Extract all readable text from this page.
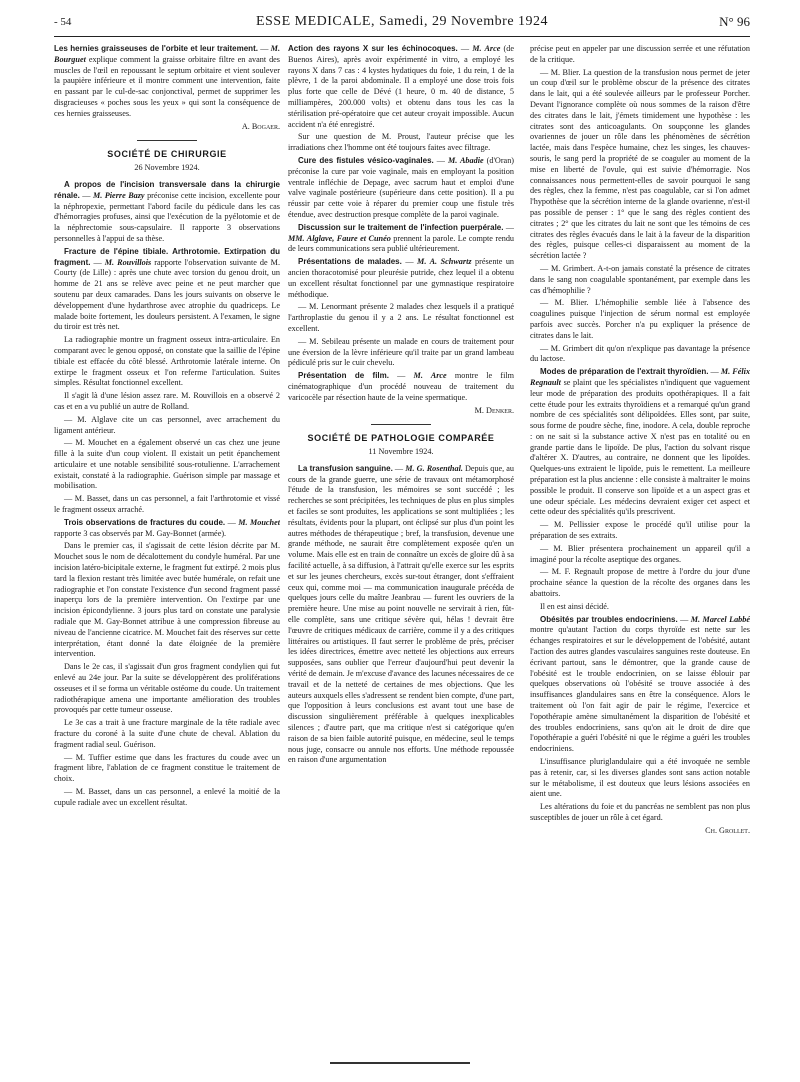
- 54	ESSE MEDICALE, Samedi, 29 Novembre 1924	N° 96

Les hernies graisseuses de l'orbite et leur traitement. — M. Bourguet explique comment la graisse orbitaire filtre en avant des muscles de l'œil en repoussant le septum orbitaire et vient soulever la paupière inférieure et il montre comment une intervention, faite en passant par le cul-de-sac conjonctival, permet de supprimer les disgracieuses « poches sous les yeux » qui sont la conséquence de ces hernies graisseuses.

A. Bogaer.

SOCIÉTÉ DE CHIRURGIE

26 Novembre 1924.

A propos de l'incision transversale dans la chirurgie rénale. — M. Pierre Bazy préconise cette incision, excellente pour la néphropexie, permettant l'abord facile du pédicule dans les cas d'hémorragies profuses, ainsi que l'exécution de la pyélotomie et de la néphrectomie sous-capsulaire. Il rapporte 3 observations personnelles à l'appui de sa thèse.

Fracture de l'épine tibiale. Arthrotomie. Extirpation du fragment. — M. Rouvillois rapporte l'observation suivante de M. Courty (de Lille) : après une chute avec torsion du genou droit, un homme de 21 ans se relève avec peine et ne peut marcher que soutenu par deux camarades. Dans les jours suivants on observe le développement d'une hydarthrose avec atrophie du quadriceps. Le malade boite fortement, les douleurs persistent. A l'examen, le signe du tiroir est très net.

La radiographie montre un fragment osseux intra-articulaire. En comparant avec le genou opposé, on constate que la saillie de l'épine tibiale est effacée du côté blessé. Arthrotomie latérale interne. On extirpe le fragment osseux et l'on referme l'articulation. Suites simples. Résultat fonctionnel excellent.

Il s'agit là d'une lésion assez rare. M. Rouvillois en a observé 2 cas et en a vu publié un autre de Rolland.

— M. Alglave cite un cas personnel, avec arrachement du ligament antérieur.

— M. Mouchet en a également observé un cas chez une jeune fille à la suite d'un coup violent. Il existait un petit épanchement articulaire et une notable sensibilité sous-rotulienne. L'arrachement existait, constaté à la radiographie. Guérison simple par massage et mobilisation.

— M. Basset, dans un cas personnel, a fait l'arthrotomie et vissé le fragment osseux arraché.

Trois observations de fractures du coude. — M. Mouchet rapporte 3 cas observés par M. Gay-Bonnet (armée).

Dans le premier cas, il s'agissait de cette lésion décrite par M. Mouchet sous le nom de décalottement du condyle huméral. Par une incision latéro-bicipitale externe, le fragment fut extirpé. 2 mois plus tard la flexion restant très limitée avec butée humérale, on refait une radiographie et l'on constate l'existence d'un second fragment passé inaperçu lors de la première intervention. On l'extirpe par une incision épicondylienne. 3 jours plus tard on constate une paralysie radiale que M. Gay-Bonnet attribue à une compression fibreuse au niveau de l'ancienne cicatrice. M. Mouchet fait des réserves sur cette interprétation, étant donné la date éloignée de la première intervention.

Dans le 2e cas, il s'agissait d'un gros fragment condylien qui fut enlevé au 24e jour. Par la suite se développèrent des proliférations osseuses et il se forma un véritable ostéome du coude. Un traitement radiothérapique amena une importante amélioration des troubles provoqués par cette tumeur osseuse.

Le 3e cas a trait à une fracture marginale de la tête radiale avec fracture du coroné à la suite d'une chute de cheval. Ablation du fragment radial seul. Guérison.

— M. Tuffier estime que dans les fractures du coude avec un fragment libre, l'ablation de ce fragment constitue le traitement de choix.

— M. Basset, dans un cas personnel, a enlevé la moitié de la cupule radiale avec un excellent résultat.

Action des rayons X sur les échinocoques. — M. Arce (de Buenos Aires), après avoir expérimenté in vitro, a employé les rayons X dans 7 cas : 4 kystes hydatiques du foie, 1 du rein, 1 de la plèvre, 1 de la paroi abdominale. Il a employé une dose trois fois plus forte que celle de Dévé (1 heure, 0 m. 40 de distance, 5 milliampères, 200.000 volts) et obtenu dans tous les cas la stérilisation pré-opératoire que cet auteur croyait impossible. Aucun accident n'a été enregistré.

Sur une question de M. Proust, l'auteur précise que les irradiations chez l'homme ont été toujours faites avec filtrage.

Cure des fistules vésico-vaginales. — M. Abadie (d'Oran) préconise la cure par voie vaginale, mais en employant la position ventrale infléchie de Depage, avec sacrum haut et emploi d'une valve vaginale postérieure (supérieure dans cette position). Il a pu réussir par cette voie à réparer du premier coup une fistule très étendue, avec destruction presque complète de la paroi vaginale.

Discussion sur le traitement de l'infection puerpérale. — MM. Alglave, Faure et Cunéo prennent la parole. Le compte rendu de leurs communications sera publié ultérieurement.

Présentations de malades. — M. A. Schwartz présente un ancien thoracotomisé pour pleurésie putride, chez lequel il a obtenu un excellent résultat fonctionnel par une gymnastique respiratoire méthodique.

— M. Lenormant présente 2 malades chez lesquels il a pratiqué l'arthroplastie du genou il y a 2 ans. Le résultat fonctionnel est excellent.

— M. Sebileau présente un malade en cours de traitement pour une éversion de la lèvre inférieure qu'il traite par un grand lambeau pédiculé pris sur le cuir chevelu.

Présentation de film. — M. Arce montre le film cinématographique d'un procédé nouveau de traitement du varicocèle par résection haute de la veine spermatique.

M. Denker.

SOCIÉTÉ DE PATHOLOGIE COMPARÉE

11 Novembre 1924.

La transfusion sanguine. — M. G. Rosenthal. Depuis que, au cours de la grande guerre, une série de travaux ont métamorphosé l'étude de la transfusion, les mémoires se sont succédé ; les recherches se sont précipitées, les techniques de plus en plus simples et faciles se sont produites, les applications se sont multipliées ; les résultats, évidents pour la plupart, ont éclipsé sur plus d'un point les autres méthodes de thérapeutique ; bref, la transfusion, devenue une grande méthode, ne saurait être complètement exposée qu'en un volume. Mais elle est en train de connaître un excès de gloire dû à sa facilité actuelle, à sa diffusion, à l'attrait qu'elle exerce sur les esprits et sur les jeunes chercheurs, excès sur-tout étranger, dont s'effraient ceux qui, comme moi — ma communication inaugurale précéda de quelques jours celle du maître Jeanbrau — furent les ouvriers de la première heure. Une mise au point nouvelle ne servirait à rien, fût-elle complète, sans une critique sévère qui, hélas ! devrait être l'œuvre de critiques médicaux de carrière, comme il y a des critiques littéraires ou artistiques. Il faut serrer le problème de près, préciser les idées directrices, émettre avec netteté les objections aux erreurs supposées, sans oublier que l'erreur d'aujourd'hui peut devenir la vérité de demain. Je m'excuse d'avance des lacunes nécessaires de ce travail et de la netteté de certaines de mes objections. Que les auteurs auxquels elles s'adressent se rendent bien compte, d'une part, que l'opposition à leurs conclusions est avant tout une base de discussion singulièrement préférable à quelques inexplicables silences ; d'autre part, que ma critique n'est si catégorique qu'en raison de sa bien faible autorité puisque, en médecine, seul le temps nous juge, consacre ou annule nos efforts. Une méthode repoussée en raison d'une argumentation

précise peut en appeler par une discussion serrée et une réfutation de la critique.

— M. Blier. La question de la transfusion nous permet de jeter un coup d'œil sur le problème obscur de la présence des citrates dans le lait, qui a été soulevée ailleurs par le professeur Porcher. Devant l'ignorance complète où nous sommes de la raison d'être des citrates dans le lait, j'émets timidement une hypothèse : les citrates sont des anticoagulants. On soupçonne les glandes ovariennes de jouer un rôle dans les phénomènes de sécrétion lactée, mais dans l'espèce humaine, chez les singes, les chauves-souris, le sang perd la propriété de se coaguler au moment de la mise en liberté de l'ovule, qui est suivie d'hémorragie. Nos connaissances nous permettent-elles de savoir pourquoi le sang des règles, chez la femme, n'est pas coagulable, car si l'on admet l'hypothèse que la sécrétion interne de la glande ovarienne, n'est-il pas possible de penser : 1° que le sang des règles contient des citrates ; 2° que les citrates du lait ne sont que les témoins de ces citrates des règles évacués dans le lait à la faveur de la disparition des règles, puisque celles-ci disparaissent au moment de la sécrétion lactée ?

— M. Grimbert. A-t-on jamais constaté la présence de citrates dans le sang non coagulable spontanément, par exemple dans les cas d'hémophilie ?

— M. Blier. L'hémophilie semble liée à l'absence des coagulines puisque l'injection de sérum normal est employée parfois avec succès. Porcher n'a pu expliquer la présence de citrates dans le lait.

— M. Grimbert dit qu'on n'explique pas davantage la présence du lactose.

Modes de préparation de l'extrait thyroïdien. — M. Félix Regnault se plaint que les spécialistes n'indiquent que vaguement leur mode de préparation des produits opothérapiques. Il a fait cette étude pour les extraits thyroïdiens et a remarqué qu'un grand nombre de ces spécialités sont délipoïdées. Elles sont, par suite, sous forme de poudre sèche, fine, inodore. A cela, double reproche : on ne sait si la substance active X n'est pas en totalité ou en grande partie dans le lipoïde. De plus, l'action du solvant risque d'altérer X. D'autres, au contraire, ne donnent que les lipoïdes. Quelques-uns extraient le lipoïde, puis le remettent. La meilleure préparation est la plus ancienne : elle consiste à maltraiter le moins possible le produit. Il conserve son lipoïde et a un aspect gras et une odeur spéciale. Les médecins devraient exiger cet aspect et cette odeur des spécialités qu'ils prescrivent.

— M. Pellissier expose le procédé qu'il utilise pour la préparation de ses extraits.

— M. Blier présentera prochainement un appareil qu'il a imaginé pour la récolte aseptique des organes.

— M. F. Regnault propose de mettre à l'ordre du jour d'une prochaine séance la question de la récolte des organes dans les abattoirs.

Il en est ainsi décidé.

Obésités par troubles endocriniens. — M. Marcel Labbé montre qu'autant l'action du corps thyroïde est nette sur les échanges respiratoires et sur le développement de l'obésité, autant l'action des autres glandes vasculaires sanguines reste douteuse. En écrivant partout, sans le démontrer, que la grande cause de l'obésité est le trouble endocrinien, on se laisse éblouir par quelques observations où l'obésité se trouve associée à des insuffisances glandulaires sans en être la conséquence. Alors le traitement où l'on fait agir de pair le régime, l'exercice et l'opothérapie amène simultanément la disparition de l'obésité et des troubles endocriniens, sans qu'on ait le droit de dire que l'opothérapie a guéri l'obésité ni que le régime a guéri les troubles endocriniens.

L'insuffisance pluriglandulaire qui a été invoquée ne semble pas à retenir, car, si les diverses glandes sont sans action notable sur le métabolisme, il est douteux que leurs lésions associées en aient une.

Les altérations du foie et du pancréas ne semblent pas non plus susceptibles de jouer un rôle à cet égard.

Ch. Grollet.
